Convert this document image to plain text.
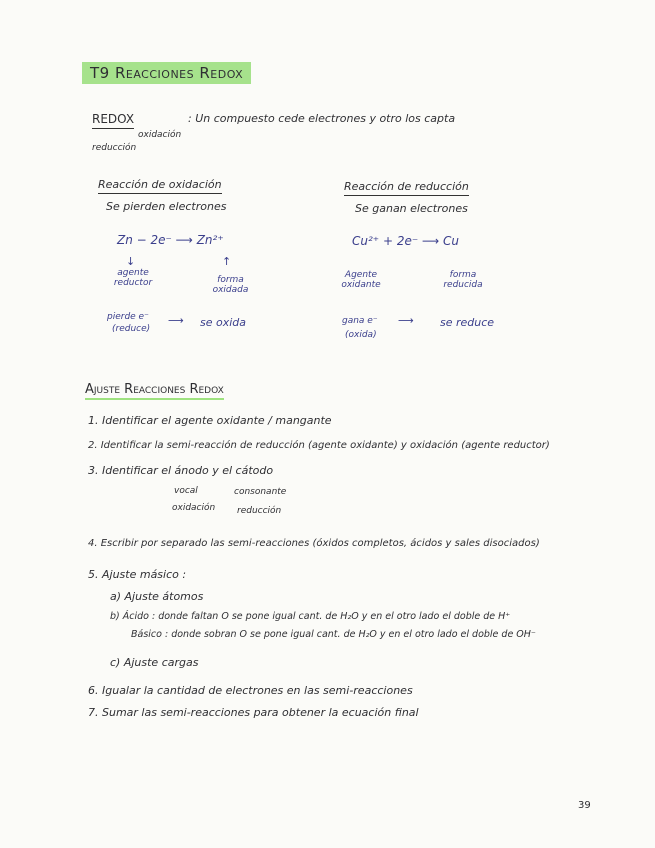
T9 Reacciones Redox
REDOX	: Un compuesto cede electrones y otro los capta
oxidación
reducción
Reacción de oxidación
Se pierden electrones
Zn − 2e⁻ ⟶ Zn²⁺
↓
agente reductor
pierde e⁻
(reduce)
↑
forma oxidada
⟶ se oxida
Reacción de reducción
Se ganan electrones
Cu²⁺ + 2e⁻ ⟶ Cu
Agente oxidante
gana e⁻
(oxida)
forma reducida
⟶ se reduce
Ajuste Reacciones Redox
1. Identificar el agente oxidante / mangante
2. Identificar la semi-reacción de reducción (agente oxidante) y oxidación (agente reductor)
3. Identificar el ánodo y el cátodo
vocal
oxidación
consonante
reducción
4. Escribir por separado las semi-reacciones (óxidos completos, ácidos y sales disociados)
5. Ajuste másico :
a) Ajuste átomos
b) Ácido : donde faltan O se pone igual cant. de H₂O y en el otro lado el doble de H⁺
Básico : donde sobran O se pone igual cant. de H₂O y en el otro lado el doble de OH⁻
c) Ajuste cargas
6. Igualar la cantidad de electrones en las semi-reacciones
7. Sumar las semi-reacciones para obtener la ecuación final
39
